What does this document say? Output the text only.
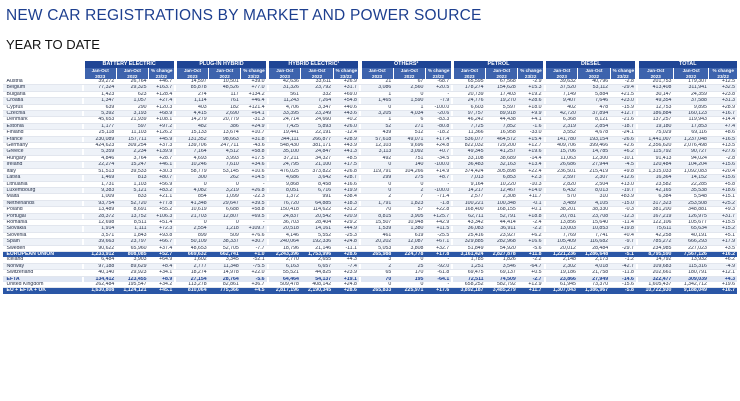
NEW CAR REGISTRATIONS BY MARKET AND POWER SOURCE
YEAR TO DATE
		BATTERY ELECTRIC				PLUG-IN HYBRID				HYBRID ELECTRIC¹				OTHERS²				PETROL				DIESEL				TOTAL		
		Jan-Oct	Jan-Oct	% change		Jan-Oct	Jan-Oct	% change		Jan-Oct	Jan-Oct	% change		Jan-Oct	Jan-Oct	% change		Jan-Oct	Jan-Oct	% change		Jan-Oct	Jan-Oct	% change		Jan-Oct	Jan-Oct	% change
		2023	2022	23/22		2023	2022	23/22		2023	2022	23/22		2023	2022	23/22		2023	2022	23/22		2023	2022	23/22		2023	2022	23/22
Austria		39,272	26,764	+46.7		14,597	10,501	+39.0		42,636	33,611	+26.9		21	67	-68.7		65,595	67,568	-2.9		39,632	40,796	-2.8		201,753	179,307	+12.5
Belgium		77,324	29,325	+163.7		85,878	48,526	+77.0		31,326	23,792	+31.7		3,086	2,560	+20.5		178,274	154,628	+15.3		37,520	53,112	-29.4		413,408	311,941	+32.5
Bulgaria		1,423	623	+128.4		274	117	+134.2		561	332	+69.0		1	0	-		20,739	17,403	+19.2		7,149	5,884	+21.5		30,147	24,359	+23.8
Croatia		1,347	1,057	+27.4		1,114	761	+46.4		11,243	7,264	+54.8		1,465	1,590	-7.9		24,776	19,270	+28.6		9,407	7,646	+23.0		49,354	37,588	+31.3
Cyprus		639	290	+120.3		403	182	+121.4		4,706	3,347	+40.6		0	1	-100.0		6,603	5,597	+18.0		402	478	-15.9		12,753	9,895	+28.9
Czechia		5,392	3,193	+68.9		4,415	2,690	+64.1		33,395	23,249	+43.6		3,205	4,034	-20.6		97,757	89,918	+9.9		42,720	37,894	+12.7		186,884	160,123	+16.7
Denmark		45,653	21,939	+108.1		14,279	20,779	-31.3		24,714	24,660	+0.2		1	6	-83.3		46,242	44,438	+4.1		6,368	8,121	-21.6		137,257	119,943	+14.4
Estonia		1,177	597	+97.2		482	386	+24.9		7,425	5,893	+26.0		52	271	-80.8		7,725	7,852	-1.6		2,319	2,854	-18.7		19,180	17,853	+7.4
Finland		25,118	11,103	+126.2		15,133	13,674	+10.7		19,441	22,191	-12.4		439	512	-18.2		11,366	16,958	-33.0		3,552	4,678	-24.1		75,029	69,116	+8.6
France		230,089	157,711	+45.9		131,352	98,663	+31.8		344,111	266,877	+28.9		57,618	49,071	+17.4		536,077	464,572	+15.4		141,780	193,154	-26.6		1,441,007	1,237,048	+16.5
Germany		424,623	309,254	+37.3		139,706	247,711	-43.6		548,430	381,171	+43.9		12,103	9,696	+24.8		822,032	729,200	+12.7		409,706	399,466	+2.6		2,356,620	2,076,498	+13.5
Greece		5,359	2,234	+139.9		7,164	4,512	+58.8		35,100	24,847	+41.3		3,113	3,092	+0.7		49,345	41,257	+19.6		15,706	14,785	+6.2		115,792	90,727	+27.6
Hungary		4,846	3,764	+28.7		4,693	3,993	+17.5		37,211	34,327	+8.5		492	751	-34.5		33,108	38,689	-14.4		11,063	12,300	-10.1		91,413	94,024	-2.8
Ireland		22,274	15,247	+46.1		10,246	7,610	+34.6		24,795	21,100	+17.5		0	140	-100.0		36,483	32,163	+13.4		26,686	27,944	-4.5		120,484	104,204	+15.6
Italy		51,513	39,533	+30.3		58,779	53,145	+10.6		476,025	373,822	+26.8		119,791	104,266	+14.9		374,424	305,898	+22.4		236,501	215,419	+9.8		1,315,033	1,092,083	+20.4
Latvia		1,469	813	+80.7		300	262	+14.5		4,686	3,642	+28.7		299	275	+8.7		7,013	6,853	+2.3		2,597	2,307	+12.6		16,364	14,152	+15.6
Lithuania		1,731	1,103	+56.9		0	0	-		9,868	8,458	+16.6		0	0	-		9,164	10,220	-10.3		2,820	2,504	+13.0		23,582	22,285	+5.8
Luxembourg		9,383	5,121	+83.2		4,082	3,219	+26.8		8,051	6,716	+19.9		0	2	-100.0		14,217	12,467	+14.0		6,432	8,013	-19.7		42,165	35,538	+18.6
Malta		1,009	833	+21.1		854	1,099	-22.3		1,372	991	+38.4		2	7	-71.4		2,577	2,308	+11.7		570	310	+83.9		6,384	5,548	+15.1
Netherlands		93,754	52,720	+77.8		41,348	29,647	+39.5		76,720	64,885	+18.3		1,791	1,823	-1.8		100,221	100,348	-0.1		3,489	4,105	-15.0		317,323	253,508	+25.2
Poland		13,489	8,691	+55.2		10,619	6,688	+58.8		150,418	114,622	+31.2		70	57	+22.8		168,400	168,155	+0.1		38,201	38,330	-0.3		381,200	348,881	+9.3
Portugal		28,372	13,752	+106.3		21,703	12,807	+69.5		24,837	20,542	+20.9		8,815	3,905	+125.7		62,711	52,791	+18.8		20,781	23,708	-12.3		167,219	126,975	+31.7
Romania		12,698	8,511	+51.4		0	0	-		36,703	28,404	+29.2		15,507	10,948	+42.9		43,342	44,414	-2.4		13,856	15,640	-11.4		122,106	105,677	+15.5
Slovakia		1,914	1,111	+72.3		2,554	1,218	+109.7		20,518	14,161	+44.9		1,539	1,380	+11.5		36,083	36,911	-2.2		13,003	10,853	+19.8		75,611	65,634	+15.2
Slovenia		3,571	1,843	+93.8		899	509	+76.6		4,146	5,552	-25.3		461	619	-25.5		25,416	23,927	+6.2		7,769	7,741	+0.4		42,258	40,191	+5.1
Spain		39,663	23,797	+66.7		50,109	38,337	+30.7		240,064	192,336	+24.8		20,202	12,087	+67.1		329,885	282,968	+16.6		105,409	116,682	-9.7		785,272	666,293	+17.9
Sweden		90,622	65,960	+37.4		48,653	52,705	-7.7		18,796	21,146	-11.1		5,053	3,808	+32.7		51,849	54,920	-5.6		20,012	28,484	-29.7		234,985	227,023	+3.5
EUROPEAN UNION		1,233,912	808,085	+52.7		669,632	662,741	+1.0		2,243,396	1,753,996	+28.6		265,988	224,778	+17.8		3,161,424	2,827,878	+11.8		1,221,236	1,286,648	-5.1		8,795,590	7,567,126	+16.2
Iceland		6,484	3,903	+64.9		1,602	3,345	-52.1		2,770	2,655	+4.3		3	0	-		1,785	1,826	-2.2		2,148	2,173	-1.2		14,792	13,932	+6.2
Norway		97,188	89,629	+8.4		2,777	11,348	-75.5		6,163	6,657	-7.4		2	25	-92.0		1,251	3,546	-64.7		2,302	4,018	-42.7		109,683	115,316	-4.9
Switzerland		40,140	29,923	+34.1		18,274	14,978	+22.0		55,521	44,825	+23.9		65	170	-61.8		69,475	69,137	+0.5		19,186	21,758	-11.8		202,661	180,791	+12.1
EFTA		134,412	123,455	+8.9		27,154	28,764	-5.6		64,464	54,137	+19.1		70	195	-64.1		72,511	74,509	-2.7		23,866	27,949	-14.6		322,477	309,039	+4.3
United Kingdom		262,484	195,547	+34.2		113,278	82,861	+36.7		509,478	408,142	+24.8		0	0	-		658,252	582,792	+12.9		61,945	73,370	-15.6		1,605,437	1,342,712	+19.6
EU + EFTA + UK		1,630,808	1,124,121	+45.1		810,064	775,366	+4.5		2,817,196	2,190,345	+28.6		265,833	225,971	+17.6		3,892,187	3,485,279	+11.7		1,307,043	1,386,967	-5.8		10,722,930	9,188,049	+16.7
